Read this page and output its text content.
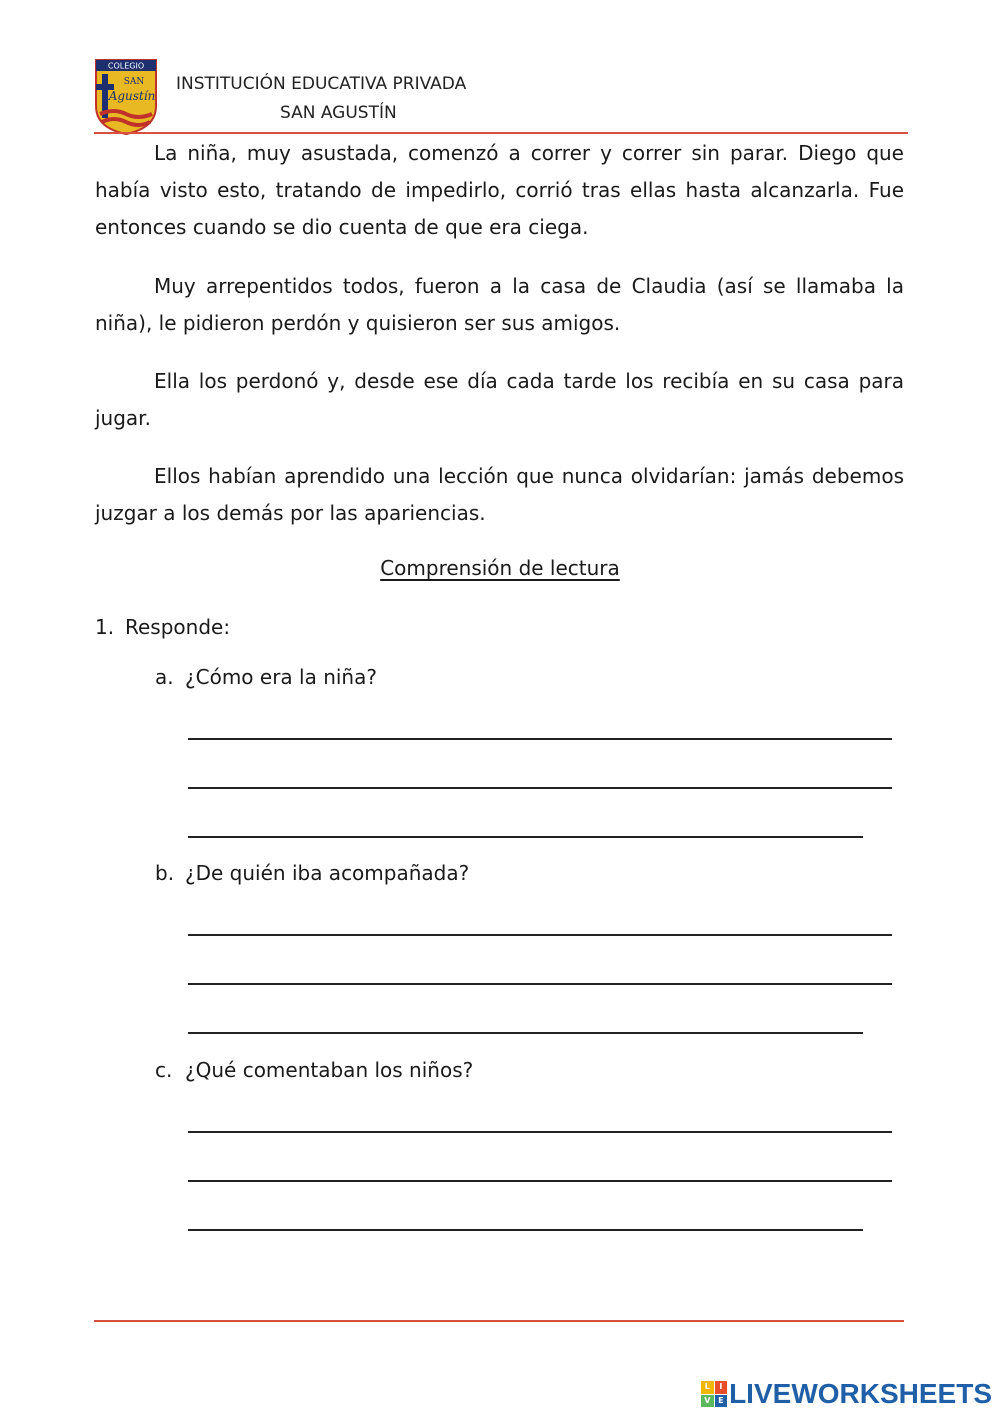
COLEGIO
SAN
Agustín
INSTITUCIÓN EDUCATIVA PRIVADA
SAN AGUSTÍN

La niña, muy asustada, comenzó a correr y correr sin parar. Diego que había visto esto, tratando de impedirlo, corrió tras ellas hasta alcanzarla. Fue entonces cuando se dio cuenta de que era ciega.

Muy arrepentidos todos, fueron a la casa de Claudia (así se llamaba la niña), le pidieron perdón y quisieron ser sus amigos.

Ella los perdonó y, desde ese día cada tarde los recibía en su casa para jugar.

Ellos habían aprendido una lección que nunca olvidarían: jamás debemos juzgar a los demás por las apariencias.

Comprensión de lectura
1. Responde:
a. ¿Cómo era la niña?
b. ¿De quién iba acompañada?
c. ¿Qué comentaban los niños?
L	I
V E LIVEWORKSHEETS
